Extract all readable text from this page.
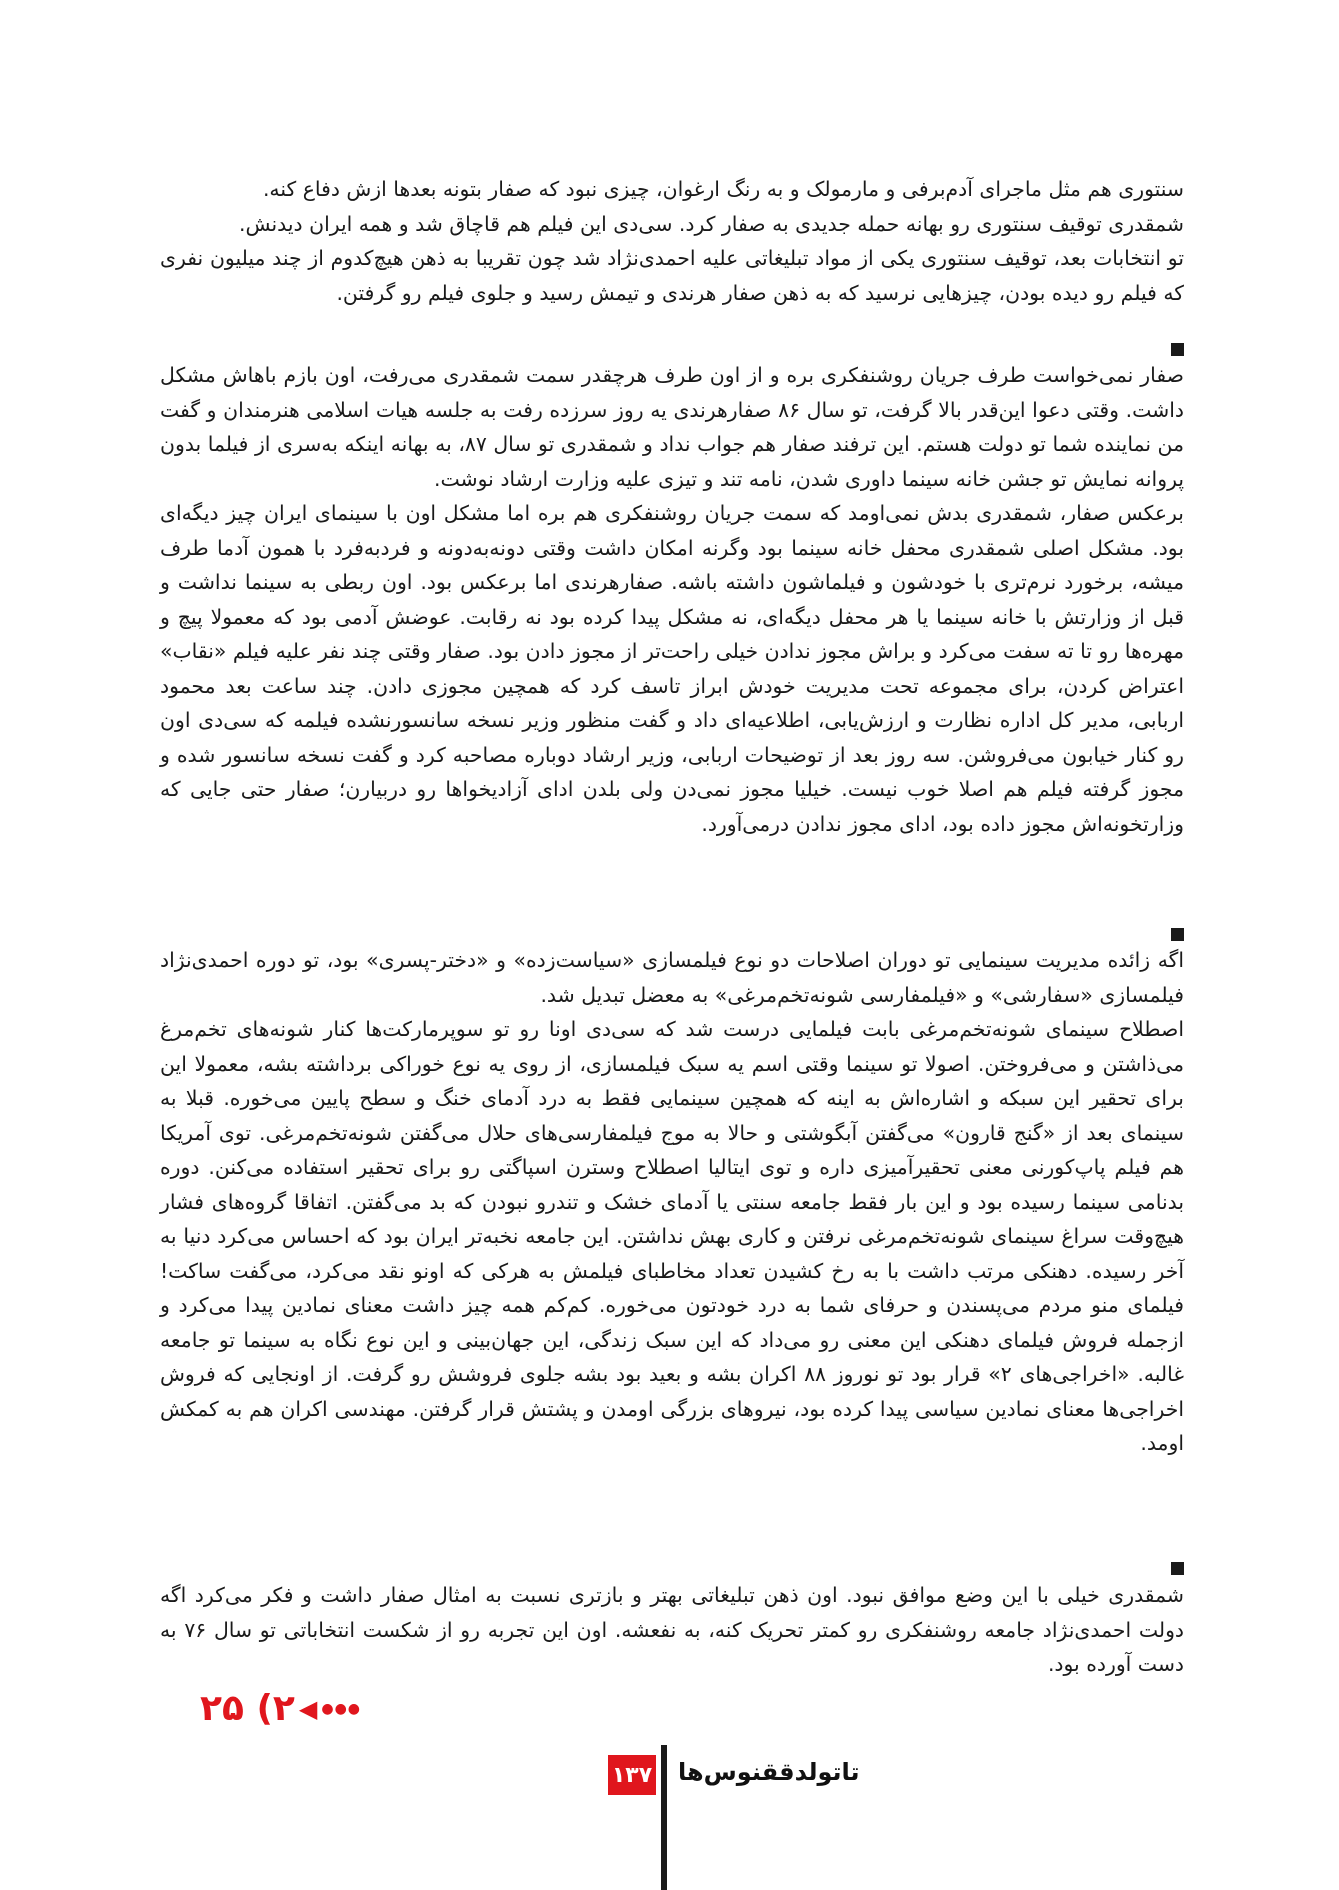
سنتوری هم مثل ماجرای آدم‌برفی و مارمولک و به رنگ ارغوان، چیزی نبود که صفار بتونه بعدها ازش دفاع کنه.

شمقدری توقیف سنتوری رو بهانه حمله جدیدی به صفار کرد. سی‌دی این فیلم هم قاچاق شد و همه ایران دیدنش.

تو انتخابات بعد، توقیف سنتوری یکی از مواد تبلیغاتی علیه احمدی‌نژاد شد چون تقریبا به ذهن هیچ‌کدوم از چند میلیون نفری که فیلم رو دیده بودن، چیزهایی نرسید که به ذهن صفار هرندی و تیمش رسید و جلوی فیلم رو گرفتن.

صفار نمی‌خواست طرف جریان روشنفکری بره و از اون طرف هرچقدر سمت شمقدری می‌رفت، اون بازم باهاش مشکل داشت. وقتی دعوا این‌قدر بالا گرفت، تو سال ۸۶ صفارهرندی یه روز سرزده رفت به جلسه هیات اسلامی هنرمندان و گفت من نماینده شما تو دولت هستم. این ترفند صفار هم جواب نداد و شمقدری تو سال ۸۷، به بهانه اینکه به‌سری از فیلما بدون پروانه نمایش تو جشن خانه سینما داوری شدن، نامه تند و تیزی علیه وزارت ارشاد نوشت.

برعکس صفار، شمقدری بدش نمی‌اومد که سمت جریان روشنفکری هم بره اما مشکل اون با سینمای ایران چیز دیگه‌ای بود. مشکل اصلی شمقدری محفل خانه سینما بود وگرنه امکان داشت وقتی دونه‌به‌دونه و فردبه‌فرد با همون آدما طرف میشه، برخورد نرم‌تری با خودشون و فیلماشون داشته باشه. صفارهرندی اما برعکس بود. اون ربطی به سینما نداشت و قبل از وزارتش با خانه سینما یا هر محفل دیگه‌ای، نه مشکل پیدا کرده بود نه رقابت. عوضش آدمی بود که معمولا پیچ و مهره‌ها رو تا ته سفت می‌کرد و براش مجوز ندادن خیلی راحت‌تر از مجوز دادن بود. صفار وقتی چند نفر علیه فیلم «نقاب» اعتراض کردن، برای مجموعه تحت مدیریت خودش ابراز تاسف کرد که همچین مجوزی دادن. چند ساعت بعد محمود اربابی، مدیر کل اداره نظارت و ارزش‌یابی، اطلاعیه‌ای داد و گفت منظور وزیر نسخه سانسورنشده فیلمه که سی‌دی اون رو کنار خیابون می‌فروشن. سه روز بعد از توضیحات اربابی، وزیر ارشاد دوباره مصاحبه کرد و گفت نسخه سانسور شده و مجوز گرفته فیلم هم اصلا خوب نیست. خیلیا مجوز نمی‌دن ولی بلدن ادای آزادیخواها رو دربیارن؛ صفار حتی جایی که وزارتخونه‌اش مجوز داده بود، ادای مجوز ندادن درمی‌آورد.

اگه زائده مدیریت سینمایی تو دوران اصلاحات دو نوع فیلمسازی «سیاست‌زده» و «دختر-پسری» بود، تو دوره احمدی‌نژاد فیلمسازی «سفارشی» و «فیلمفارسی شونه‌تخم‌مرغی» به معضل تبدیل شد.

اصطلاح سینمای شونه‌تخم‌مرغی بابت فیلمایی درست شد که سی‌دی اونا رو تو سوپرمارکت‌ها کنار شونه‌های تخم‌مرغ می‌ذاشتن و می‌فروختن. اصولا تو سینما وقتی اسم یه سبک فیلمسازی، از روی یه نوع خوراکی برداشته بشه، معمولا این برای تحقیر این سبکه و اشاره‌اش به اینه که همچین سینمایی فقط به درد آدمای خنگ و سطح پایین می‌خوره. قبلا به سینمای بعد از «گنج قارون» می‌گفتن آبگوشتی و حالا به موج فیلمفارسی‌های حلال می‌گفتن شونه‌تخم‌مرغی. توی آمریکا هم فیلم پاپ‌کورنی معنی تحقیرآمیزی داره و توی ایتالیا اصطلاح وسترن اسپاگتی رو برای تحقیر استفاده می‌کنن. دوره بدنامی سینما رسیده بود و این بار فقط جامعه سنتی یا آدمای خشک و تندرو نبودن که بد می‌گفتن. اتفاقا گروه‌های فشار هیچ‌وقت سراغ سینمای شونه‌تخم‌مرغی نرفتن و کاری بهش نداشتن. این جامعه نخبه‌تر ایران بود که احساس می‌کرد دنیا به آخر رسیده. دهنکی مرتب داشت با به رخ کشیدن تعداد مخاطبای فیلمش به هرکی که اونو نقد می‌کرد، می‌گفت ساکت! فیلمای منو مردم می‌پسندن و حرفای شما به درد خودتون می‌خوره. کم‌کم همه چیز داشت معنای نمادین پیدا می‌کرد و ازجمله فروش فیلمای دهنکی این معنی رو می‌داد که این سبک زندگی، این جهان‌بینی و این نوع نگاه به سینما تو جامعه غالبه. «اخراجی‌های ۲» قرار بود تو نوروز ۸۸ اکران بشه و بعید بود بشه جلوی فروشش رو گرفت. از اونجایی که فروش اخراجی‌ها معنای نمادین سیاسی پیدا کرده بود، نیروهای بزرگی اومدن و پشتش قرار گرفتن. مهندسی اکران هم به کمکش اومد.

شمقدری خیلی با این وضع موافق نبود. اون ذهن تبلیغاتی بهتر و بازتری نسبت به امثال صفار داشت و فکر می‌کرد اگه دولت احمدی‌نژاد جامعه روشنفکری رو کمتر تحریک کنه، به نفعشه. اون این تجربه رو از شکست انتخاباتی تو سال ۷۶ به دست آورده بود.

۲۵ (۲ ◀ ●●●
۱۳۷ تاتولدققنوس‌ها
